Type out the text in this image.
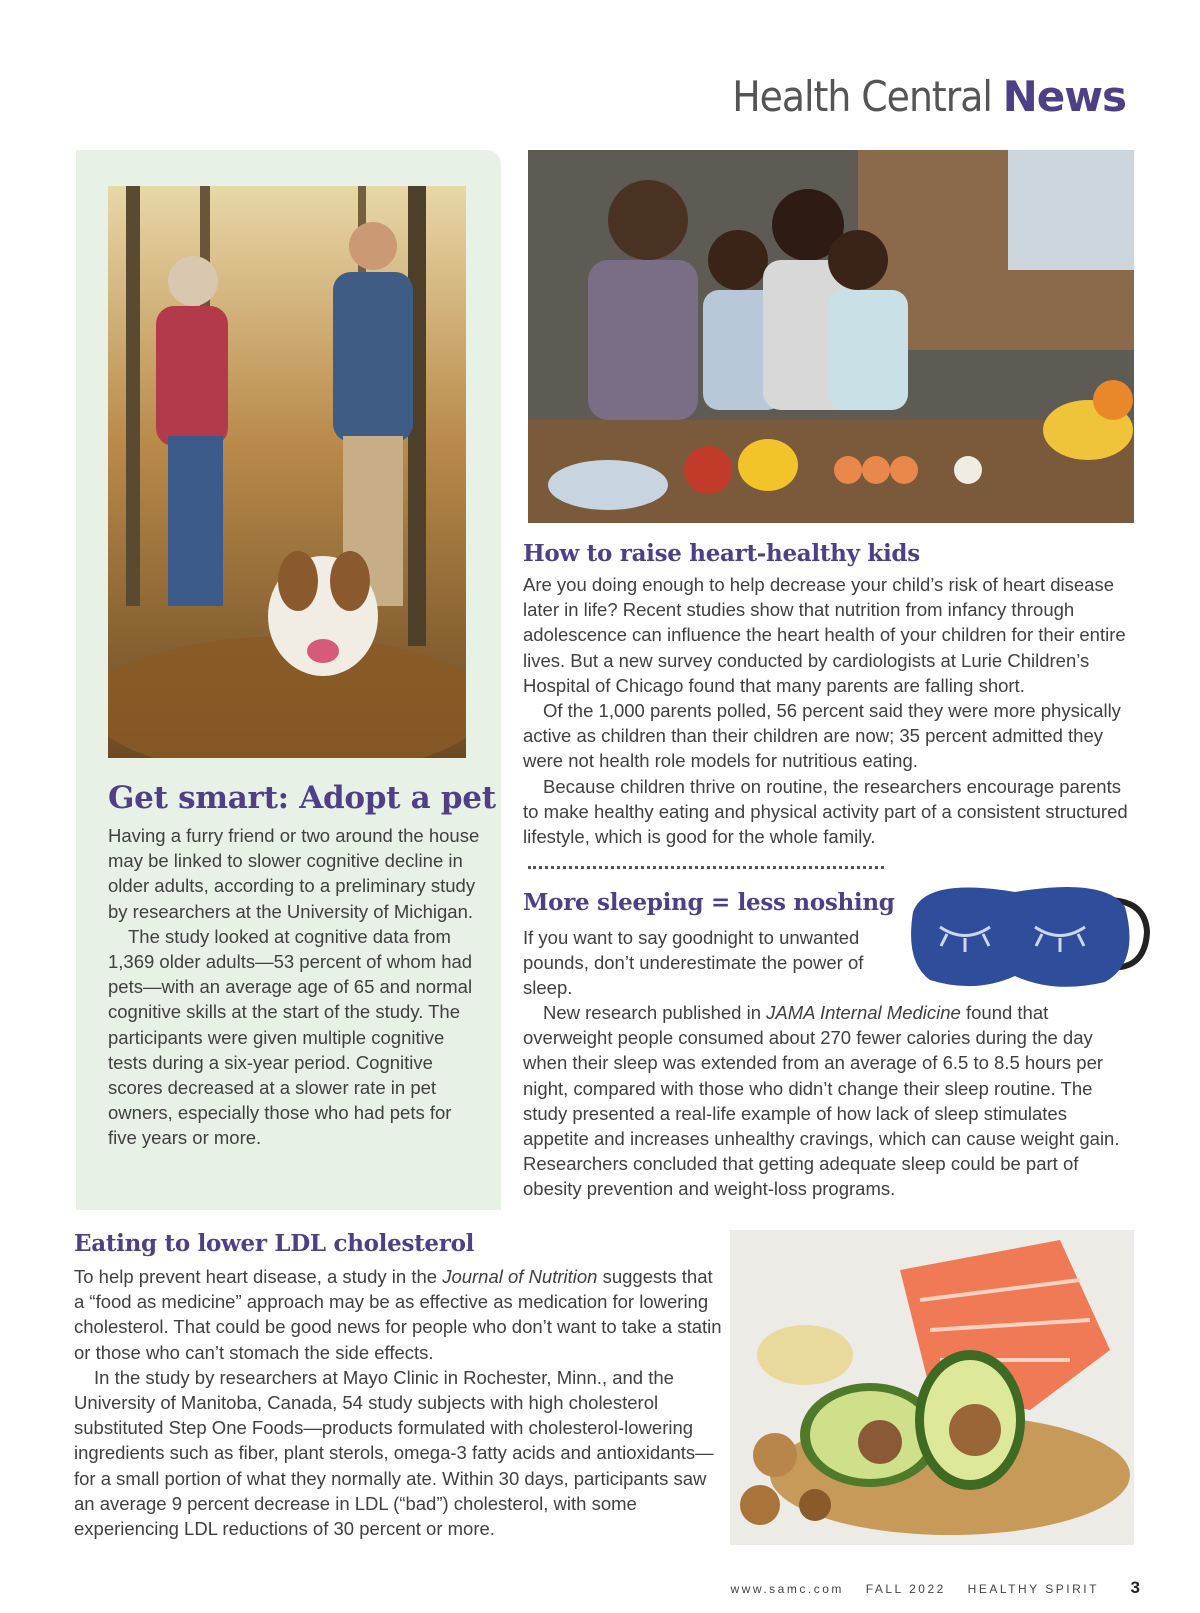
Health Central News
Get smart: Adopt a pet

Having a furry friend or two around the house may be linked to slower cognitive decline in older adults, according to a preliminary study by researchers at the University of Michigan.

The study looked at cognitive data from 1,369 older adults—53 percent of whom had pets—with an average age of 65 and normal cognitive skills at the start of the study. The participants were given multiple cognitive tests during a six-year period. Cognitive scores decreased at a slower rate in pet owners, especially those who had pets for five years or more.

How to raise heart-healthy kids

Are you doing enough to help decrease your child’s risk of heart disease later in life? Recent studies show that nutrition from infancy through adolescence can influence the heart health of your children for their entire lives. But a new survey conducted by cardiologists at Lurie Children’s Hospital of Chicago found that many parents are falling short.

Of the 1,000 parents polled, 56 percent said they were more physically active as children than their children are now; 35 percent admitted they were not health role models for nutritious eating.

Because children thrive on routine, the researchers encourage parents to make healthy eating and physical activity part of a consistent structured lifestyle, which is good for the whole family.

More sleeping = less noshing

If you want to say goodnight to unwanted pounds, don’t underestimate the power of sleep.

New research published in JAMA Internal Medicine found that overweight people consumed about 270 fewer calories during the day when their sleep was extended from an average of 6.5 to 8.5 hours per night, compared with those who didn’t change their sleep routine. The study presented a real-life example of how lack of sleep stimulates appetite and increases unhealthy cravings, which can cause weight gain. Researchers concluded that getting adequate sleep could be part of obesity prevention and weight-loss programs.

Eating to lower LDL cholesterol

To help prevent heart disease, a study in the Journal of Nutrition suggests that a “food as medicine” approach may be as effective as medication for lowering cholesterol. That could be good news for people who don’t want to take a statin or those who can’t stomach the side effects.

In the study by researchers at Mayo Clinic in Rochester, Minn., and the University of Manitoba, Canada, 54 study subjects with high cholesterol substituted Step One Foods—products formulated with cholesterol-lowering ingredients such as fiber, plant sterols, omega-3 fatty acids and antioxidants—for a small portion of what they normally ate. Within 30 days, participants saw an average 9 percent decrease in LDL (“bad”) cholesterol, with some experiencing LDL reductions of 30 percent or more.

www.samc.com FALL 2022 HEALTHY SPIRIT 3
